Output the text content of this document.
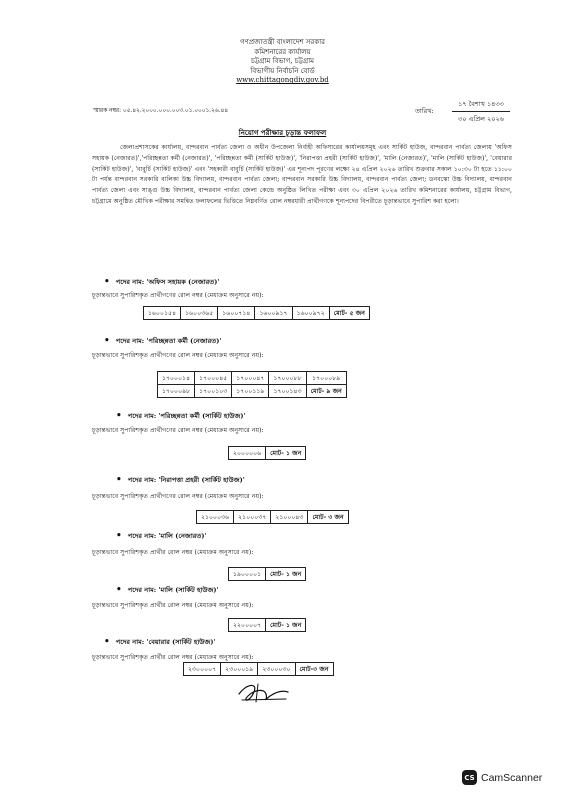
গণপ্রজাতন্ত্রী বাংলাদেশ সরকার
কমিশনারের কার্যালয়
চট্টগ্রাম বিভাগ, চট্টগ্রাম
বিভাগীয় নির্বাচনি বোর্ড
www.chittagongdiv.gov.bd
স্মারক নম্বর: ০৫.৪২.২০০০.০০০.০০৩.০১.০০০১.২৬.৪৪	তারিখ:
১৭ বৈশাখ ১৪৩৩
৩০ এপ্রিল ২০২৬
নিয়োগ পরীক্ষার চূড়ান্ত ফলাফল
জেলাপ্রশাসকের কার্যালয়, বান্দরবান পার্বত্য জেলা ও অধীন উপজেলা নির্বাহী অফিসারের কার্যালয়সমূহ এবং সার্কিট হাউজ, বান্দরবান পার্বত্য জেলায় 'অফিস সহায়ক (নেজারত)','পরিচ্ছন্নতা কর্মী (নেজারত)', 'পরিচ্ছন্নতা কর্মী (সার্কিট হাউজ)', 'নিরাপত্তা প্রহরী (সার্কিট হাউজ)', 'মালি (নেজারত)', 'মালি (সার্কিট হাউজ)', 'বেয়ারার (সার্কিট হাউজ)', 'বাবুর্চি (সার্কিট হাউজ)' এবং 'সহকারী বাবুর্চি (সার্কিট হাউজ)' এর শূন্যপদ পূরণের লক্ষ্যে ২৪ এপ্রিল ২০২৬ তারিখ শুক্রবার সকাল ১০:৩০ টা হতে ১১:০০ টা পর্যন্ত বান্দরবান সরকারি বালিকা উচ্চ বিদ্যালয়, বান্দরবান পার্বত্য জেলা; বান্দরবান সরকারি উচ্চ বিদ্যালয়, বান্দরবান পার্বত্য জেলা; ডনবস্কো উচ্চ বিদ্যালয়, বান্দরবান পার্বত্য জেলা এবং সাঙ্গু উচ্চ বিদ্যালয়, বান্দরবান পার্বত্য জেলা কেন্দ্রে অনুষ্ঠিত লিখিত পরীক্ষা এবং ৩০ এপ্রিল ২০২৬ তারিখ কমিশনারের কার্যালয়, চট্টগ্রাম বিভাগ, চট্টগ্রামে অনুষ্ঠিত মৌখিক পরীক্ষার সমন্বিত ফলাফলের ভিত্তিতে নিম্নবর্ণিত রোল নম্বরধারী প্রার্থীগণকে শূন্যপদের বিপরীতে চূড়ান্তভাবে সুপারিশ করা হলো।
• পদের নাম: 'অফিস সহায়ক (নেজারত)'
চূড়ান্তভাবে সুপারিশকৃত প্রার্থীগণের রোল নম্বর (মেধাক্রম অনুসারে নয়):
১৬০০১৫৪	১৬০০৩৬৫	১৬০০৭১৪	১৬০০৯১৭	১৬০০৯৭২	মোট- ৫ জন
• পদের নাম: 'পরিচ্ছন্নতা কর্মী (নেজারত)'
চূড়ান্তভাবে সুপারিশকৃত প্রার্থীগণের রোল নম্বর (মেধাক্রম অনুসারে নয়):
১৭০০০১৪	১৭০০০৪৫	১৭০০০৪৭	১৭০০০৮৮	১৭০০০৮৯
১৭০০০৯৮	১৭০০১০৩	১৭০০১১৯	১৭০০১৪৩	মোট- ৯ জন
• পদের নাম: 'পরিচ্ছন্নতা কর্মী (সার্কিট হাউজ)'
চূড়ান্তভাবে সুপারিশকৃত প্রার্থীগণের রোল নম্বর (মেধাক্রম অনুসারে নয়):
২০০০০০৬	মোট- ১ জন
• পদের নাম: 'নিরাপত্তা প্রহরী (সার্কিট হাউজ)'
চূড়ান্তভাবে সুপারিশকৃত প্রার্থীগণের রোল নম্বর (মেধাক্রম অনুসারে নয়):
২১০০০৩৬	২১০০০৩৭	২১০০০৪৩	মোট- ৩ জন
• পদের নাম: 'মালি (নেজারত)'
চূড়ান্তভাবে সুপারিশকৃত প্রার্থীর রোল নম্বর (মেধাক্রম অনুসারে নয়):
১৯০০০০১	মোট- ১ জন
• পদের নাম: 'মালি (সার্কিট হাউজ)'
চূড়ান্তভাবে সুপারিশকৃত প্রার্থীর রোল নম্বর (মেধাক্রম অনুসারে নয়):
২২০০০০৭	মোট- ১ জন
• পদের নাম: 'বেয়ারার (সার্কিট হাউজ)'
চূড়ান্তভাবে সুপারিশকৃত প্রার্থীর রোল নম্বর (মেধাক্রম অনুসারে নয়):
২৩০০০০৭	২৩০০০১৯	২৩০০০৩০	মোট-৩ জন
CS CamScanner
